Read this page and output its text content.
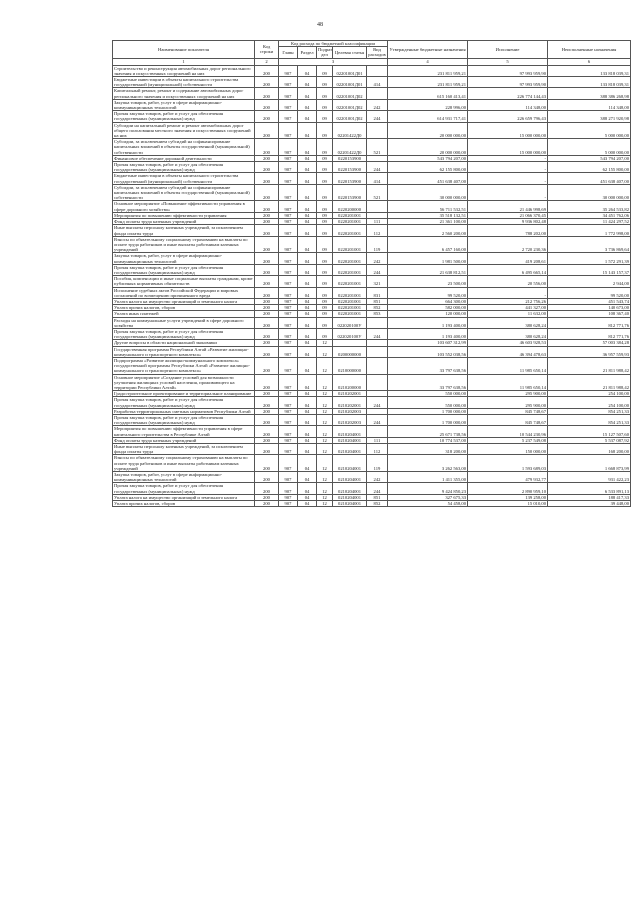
48
Наименование показателя	Код строки	Код расхода по бюджетной классификации					Утвержденные бюджетные назначения	Исполнение	Неисполненные назначения
		Главн	Раздел	Подраз дел	Целевая статья	Вид расходов			
1	2	3					4	5	6
Строительство и реконструкция автомобильных дорог регионального значения и искусственных сооружений на них	200	907	04	09	02201001Д01		231 811 959,21	97 993 959,90	133 818 039,31
Бюджетные инвестиции в объекты капитального строительства государственной (муниципальной) собственности	200	907	04	09	02201001Д01	414	231 811 959,21	97 993 959,90	133 818 039,31
Капитальный ремонт, ремонт и содержание автомобильных дорог регионального значения и искусственных сооружений на них	200	907	04	09	02201001Д02		615 160 413,41	226 774 144,43	388 386 268,98
Закупка товаров, работ, услуг в сфере информационно-коммуникационных технологий	200	907	04	09	02201001Д02	242	228 996,00	114 348,00	114 348,00
Прочая закупка товаров, работ и услуг для обеспечения государственных (муниципальных) нужд	200	907	04	09	02201001Д02	244	614 931 717,41	226 659 796,43	388 271 920,98
Субсидии на капитальный ремонт и ремонт автомобильных дорог общего пользования местного значения и искусственных сооружений на них	200	907	04	09	02201422Д0		20 000 000,00	15 000 000,00	5 000 000,00
Субсидии, за исключением субсидий на софинансирование капитальных вложений в объекты государственной (муниципальной) собственности	200	907	04	09	02201422Д0	521	20 000 000,00	15 000 000,00	5 000 000,00
Финансовое обеспечение дорожной деятельности	200	907	04	09	0220153900		543 794 207,00	-	543 794 207,00
Прочая закупка товаров, работ и услуг для обеспечения государственных (муниципальных) нужд	200	907	04	09	0220153900	244	62 155 800,00	-	62 155 800,00
Бюджетные инвестиции в объекты капитального строительства государственной (муниципальной) собственности	200	907	04	09	0220153900	414	451 638 407,00	-	451 638 407,00
Субсидии, за исключением субсидий на софинансирование капитальных вложений в объекты государственной (муниципальной) собственности	200	907	04	09	0220153900	521	30 000 000,00	-	30 000 000,00
Основное мероприятие «Повышение эффективности управления в сфере дорожного хозяйства»	200	907	04	09	0220200000		56 711 532,51	21 446 998,69	35 264 533,82
Мероприятия по повышению эффективности управления	200	907	04	09	0220201001		35 518 132,51	21 066 370,45	34 451 762,06
Фонд оплаты труда казенных учреждений	200	907	04	09	0220201001	111	21 361 100,00	9 936 802,48	11 424 297,52
Иные выплаты персоналу казенных учреждений, за исключением фонда оплаты труда	200	907	04	09	0220201001	112	2 560 200,00	788 202,00	1 772 998,00
Взносы по обязательному социальному страхованию на выплаты по оплате труда работников и иные выплаты работникам казенных учреждений	200	907	04	09	0220201001	119	6 457 160,00	2 720 230,36	3 736 869,64
Закупка товаров, работ, услуг в сфере информационно-коммуникационных технологий	200	907	04	09	0220201001	242	1 981 500,00	419 208,61	1 572 291,39
Прочая закупка товаров, работ и услуг для обеспечения государственных (муниципальных) нужд	200	907	04	09	0220201001	244	21 638 812,51	6 495 665,14	15 143 157,37
Пособия, компенсации и иные социальные выплаты гражданам, кроме публичных нормативных обязательств	200	907	04	09	0220201001	321	23 500,00	20 556,00	2 944,00
Исполнение судебных актов Российской Федерации и мировых соглашений по возмещению причиненного вреда	200	907	04	09	0220201001	831	99 520,00	-	99 520,00
Уплата налога на имущество организаций и земельного налога	200	907	04	09	0220201001	851	664 300,00	212 756,26	451 543,74
Уплата прочих налогов, сборов	200	907	04	09	0220201001	852	582 000,00	441 327,00	140 673,00
Уплата иных платежей	200	907	04	09	0220201001	853	120 000,00	11 632,00	108 367,40
Расходы на коммунальные услуги учреждений в сфере дорожного хозяйства	200	907	04	09	022020100У		1 193 400,00	380 628,24	812 771,76
Прочая закупка товаров, работ и услуг для обеспечения государственных (муниципальных) нужд	200	907	04	09	022020100У	244	1 193 400,00	380 628,24	812 771,76
Другие вопросы в области национальной экономики	200	907	04	12			103 607 312,99	46 603 928,53	57 003 384,28
Государственная программа Республики Алтай «Развитие жилищно-коммунального и транспортного комплекса»	200	907	04	12	0200000000		103 552 038,56	46 394 478,63	36 957 559,93
Подпрограмма «Развитие жилищно-коммунального комплекса» государственной программы Республики Алтай «Развитие жилищно-коммунального и транспортного комплекса»	200	907	04	12	0210000000		33 797 638,56	11 985 650,14	21 811 988,42
Основное мероприятие «Создание условий для возможности улучшения жилищных условий населения, проживающего на территории Республики Алтай»	200	907	04	12	0210200000		33 797 638,56	11 985 650,14	21 811 988,42
Градостроительное проектирование и территориальное планирование	200	907	04	12	0210202001		550 000,00	295 900,00	254 100,00
Прочая закупка товаров, работ и услуг для обеспечения государственных (муниципальных) нужд	200	907	04	12	0210202001	244	550 000,00	295 900,00	254 100,00
Разработка территориальных сметных нормативов Республики Алтай	200	907	04	12	0210202003		1 700 000,00	845 748,67	854 251,33
Прочая закупка товаров, работ и услуг для обеспечения государственных (муниципальных) нужд	200	907	04	12	0210202003	244	1 700 000,00	845 748,67	854 251,33
Мероприятия по повышению эффективности управления в сфере капитального строительства в Республике Алтай	200	907	04	12	0210204001		25 671 738,56	10 544 230,96	15 127 507,60
Фонд оплаты труда казенных учреждений	200	907	04	12	0210204001	111	10 774 537,00	5 237 549,08	5 537 087,92
Иные выплаты персоналу казенных учреждений, за исключением фонда оплаты труда	200	907	04	12	0210204001	112	318 200,00	150 000,00	168 200,00
Взносы по обязательному социальному страхованию на выплаты по оплате труда работников и иные выплаты работникам казенных учреждений	200	907	04	12	0210204001	119	3 262 563,00	1 593 689,03	1 668 873,99
Закупка товаров, работ, услуг в сфере информационно-коммуникационных технологий	200	907	04	12	0210204001	242	1 411 355,00	479 932,77	931 422,23
Прочая закупка товаров, работ и услуг для обеспечения государственных (муниципальных) нужд	200	907	04	12	0210204001	244	9 424 850,23	2 890 959,10	6 533 891,13
Уплата налога на имущество организаций и земельного налога	200	907	04	12	0210204001	851	327 675,33	139 258,00	188 417,33
Уплата прочих налогов, сборов	200	907	04	12	0210204001	852	54 458,00	15 010,00	39 448,00
